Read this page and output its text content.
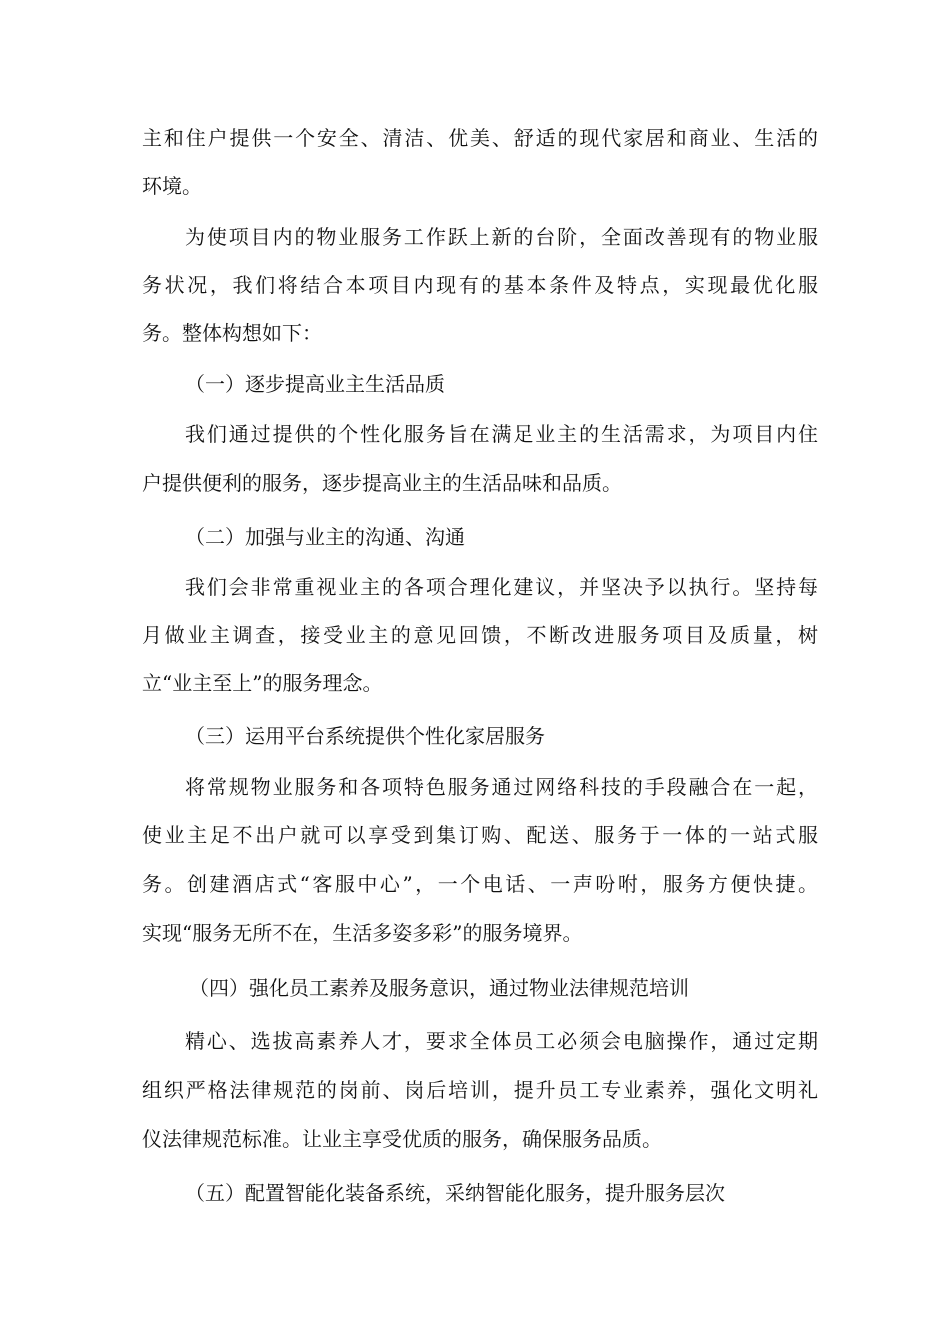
主和住户提供一个安全、清洁、优美、舒适的现代家居和商业、生活的
环境。
为使项目内的物业服务工作跃上新的台阶，全面改善现有的物业服
务状况，我们将结合本项目内现有的基本条件及特点，实现最优化服
务。整体构想如下：
（一）逐步提高业主生活品质
我们通过提供的个性化服务旨在满足业主的生活需求，为项目内住
户提供便利的服务，逐步提高业主的生活品味和品质。
（二）加强与业主的沟通、沟通
我们会非常重视业主的各项合理化建议，并坚决予以执行。坚持每
月做业主调查，接受业主的意见回馈，不断改进服务项目及质量，树
立“业主至上”的服务理念。
（三）运用平台系统提供个性化家居服务
将常规物业服务和各项特色服务通过网络科技的手段融合在一起，
使业主足不出户就可以享受到集订购、配送、服务于一体的一站式服
务。创建酒店式“客服中心”，一个电话、一声吩咐，服务方便快捷。
实现“服务无所不在，生活多姿多彩”的服务境界。
（四）强化员工素养及服务意识，通过物业法律规范培训
精心、选拔高素养人才，要求全体员工必须会电脑操作，通过定期
组织严格法律规范的岗前、岗后培训，提升员工专业素养，强化文明礼
仪法律规范标准。让业主享受优质的服务，确保服务品质。
（五）配置智能化装备系统，采纳智能化服务，提升服务层次
